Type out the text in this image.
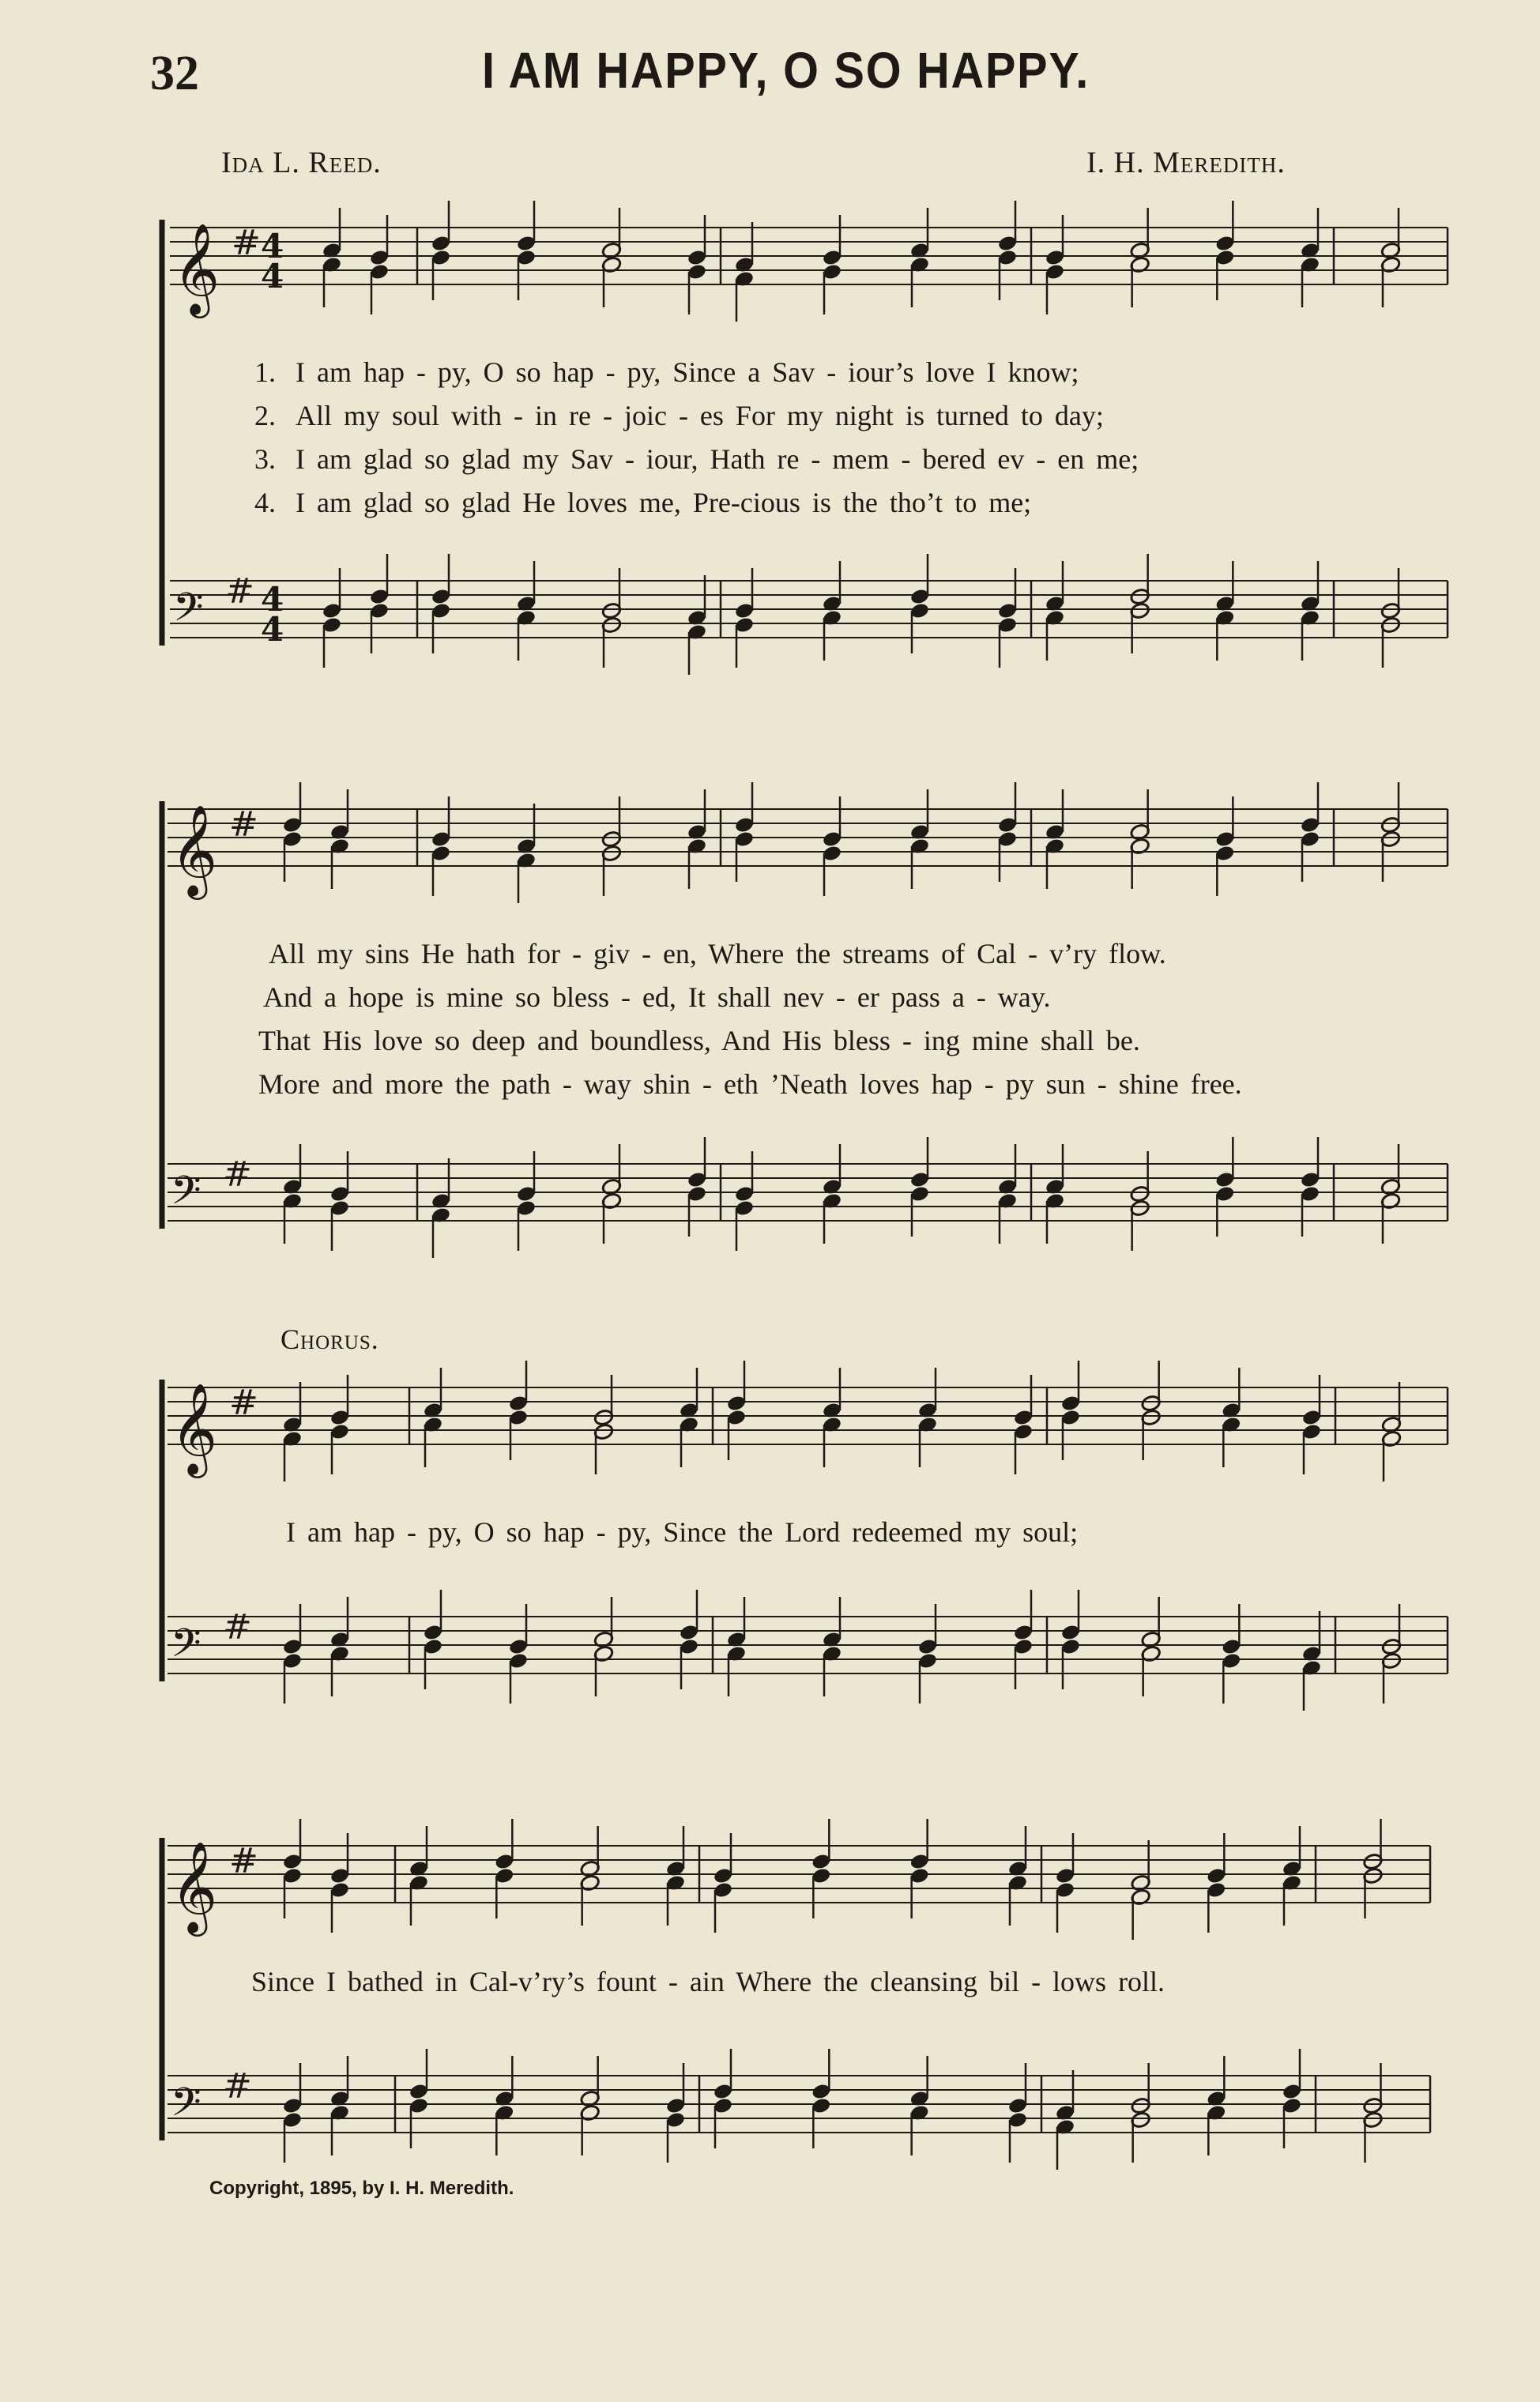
32	I AM HAPPY, O SO HAPPY.
Ida L. Reed.	I. H. Meredith.
𝄞 # 4
4
𝄢 # 4
4
𝄞 #
𝄢 #
𝄞 #
𝄢 #
𝄞 #
𝄢 #
1. I am hap - py, O so hap - py, Since a Sav - iour’s love I know;
2. All my soul with - in re - joic - es For my night is turned to day;
3. I am glad so glad my Sav - iour, Hath re - mem - bered ev - en me;
4. I am glad so glad He loves me, Pre-cious is the tho’t to me;
All my sins He hath for - giv - en, Where the streams of Cal - v’ry flow.
And a hope is mine so bless - ed, It shall nev - er pass a - way.
That His love so deep and boundless, And His bless - ing mine shall be.
More and more the path - way shin - eth ’Neath loves hap - py sun - shine free.
Chorus.
I am hap - py, O so hap - py, Since the Lord redeemed my soul;
Since I bathed in Cal-v’ry’s fount - ain Where the cleansing bil - lows roll.
Copyright, 1895, by I. H. Meredith.
